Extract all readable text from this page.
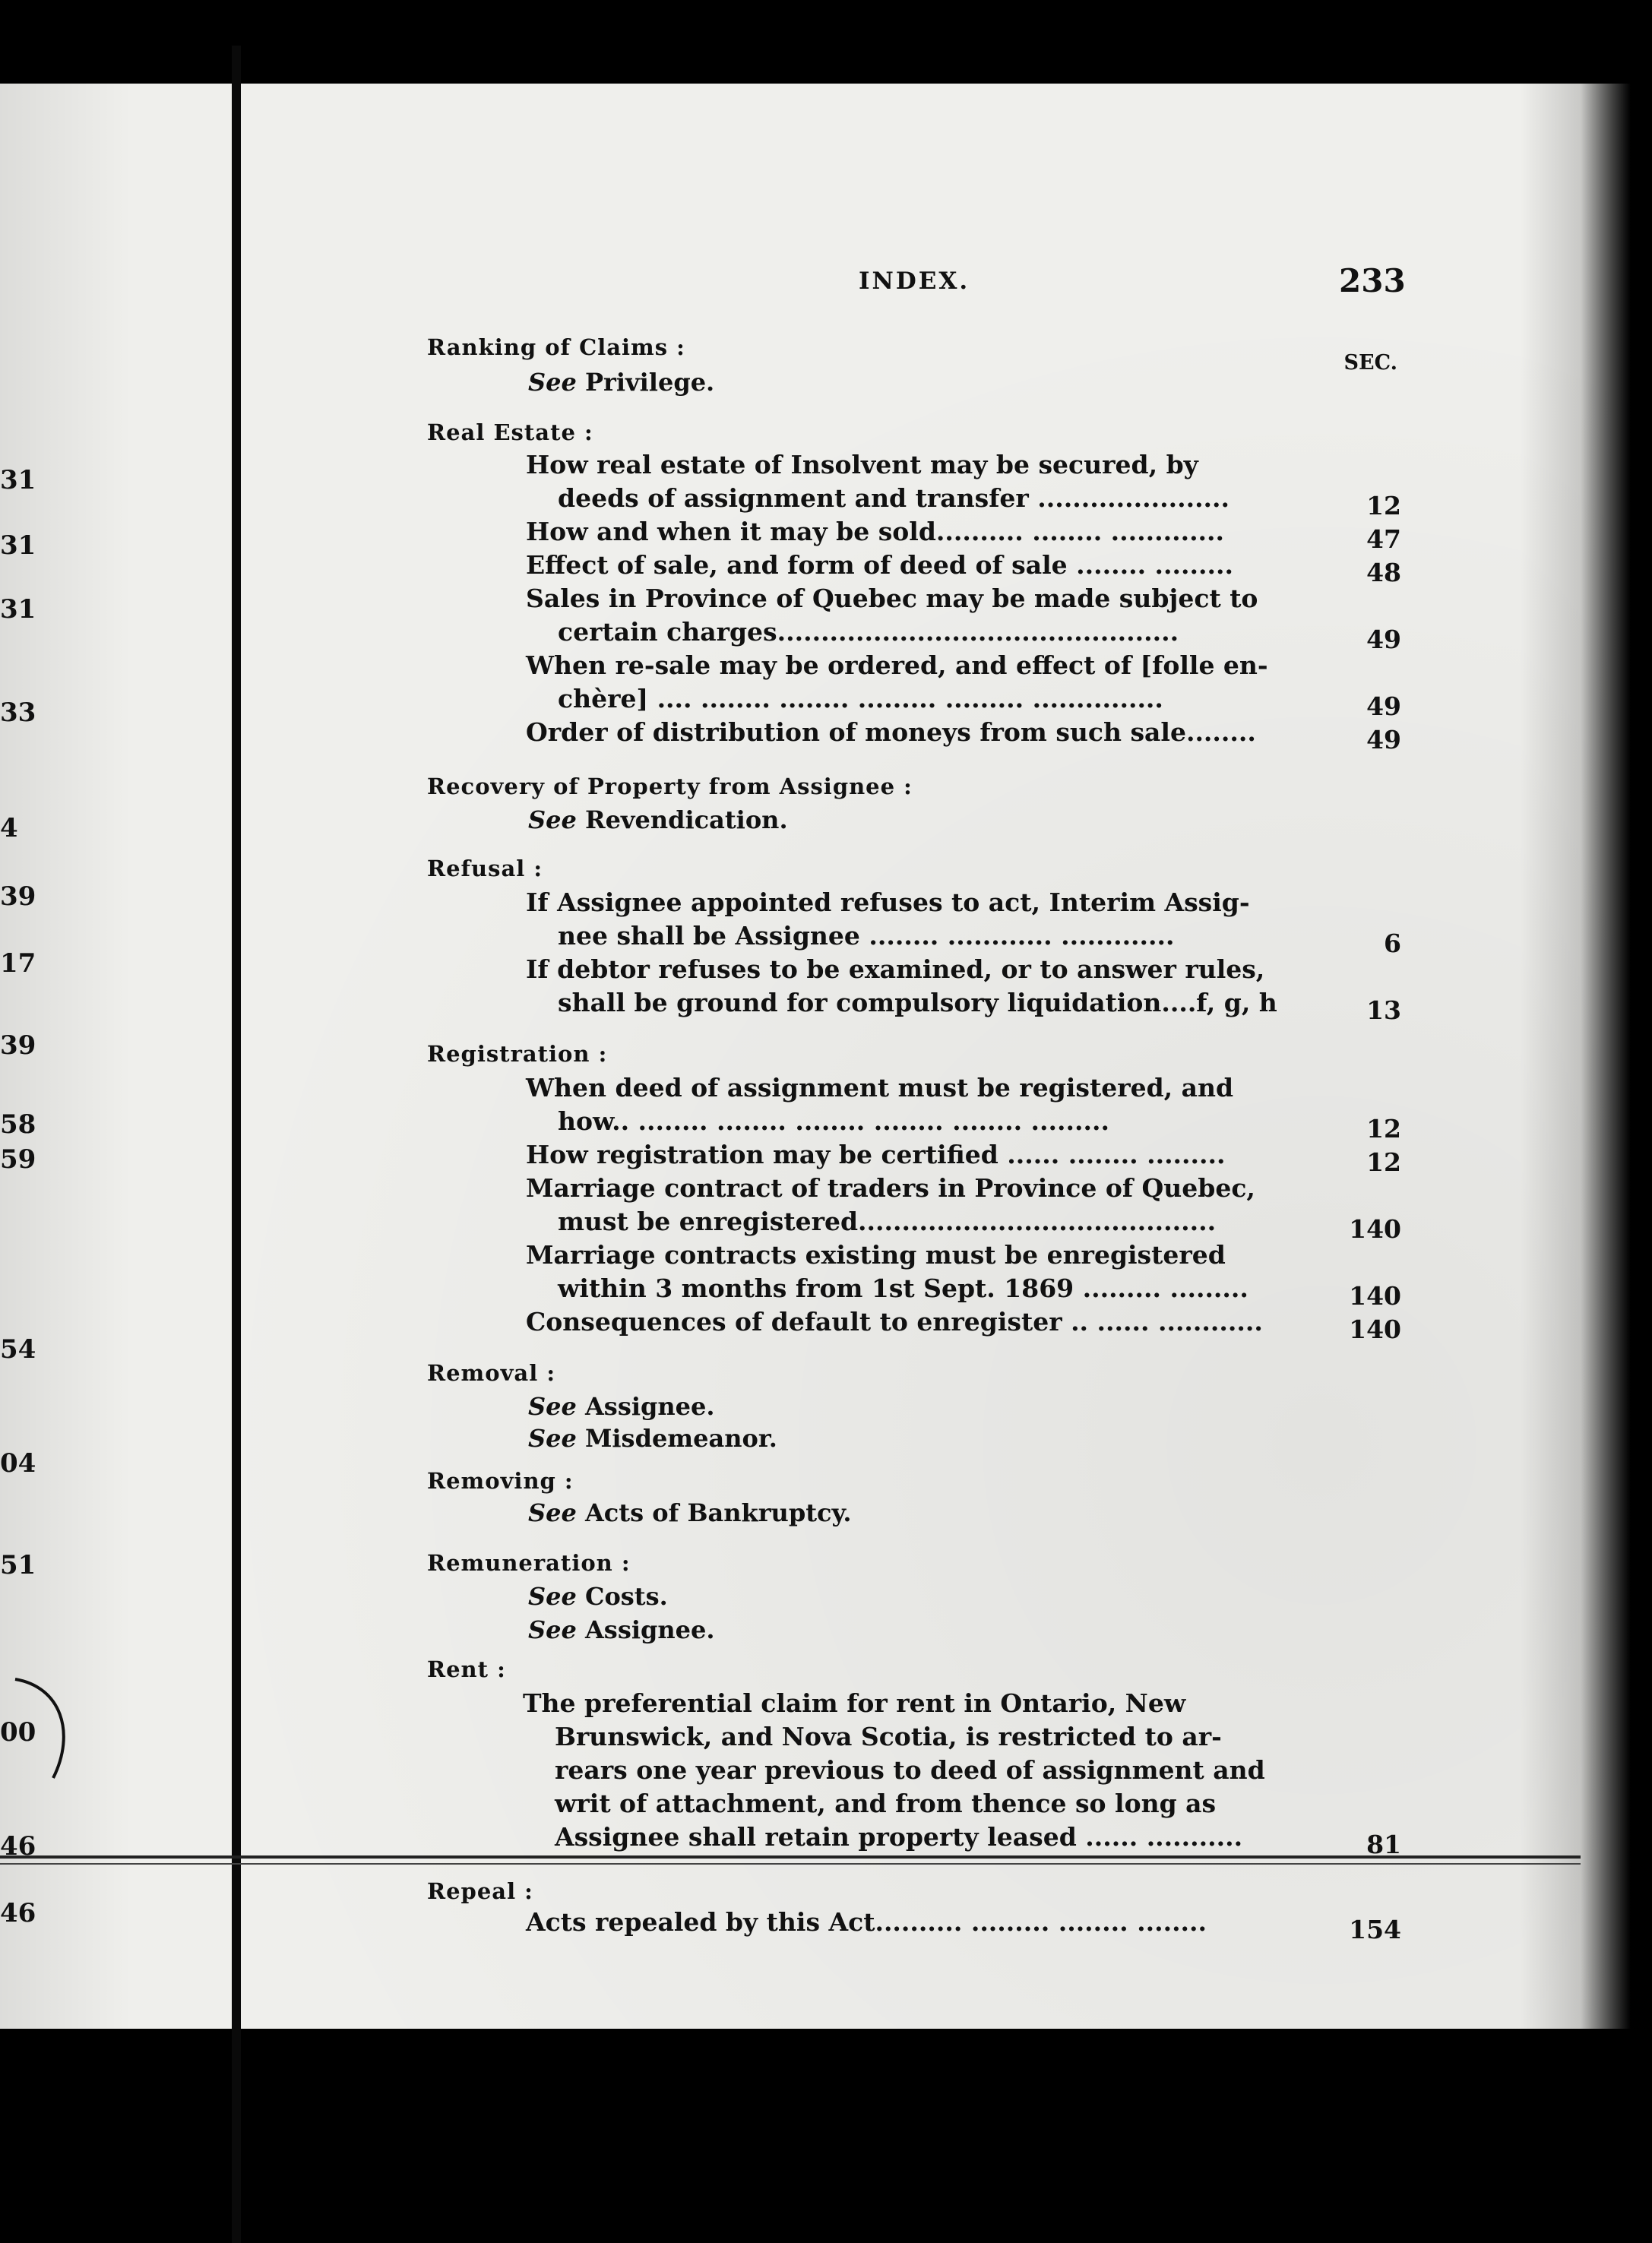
31
31
31
33
4
39
17
39
58
59
54
04
51
00
46
46
INDEX.	233
Ranking of Claims :
SEC.
See Privilege.
Real Estate :
How real estate of Insolvent may be secured, by
deeds of assignment and transfer ......................	12
How and when it may be sold.......... ........ .............	47
Effect of sale, and form of deed of sale ........ .........	48
Sales in Province of Quebec may be made subject to
certain charges..............................................	49
When re-sale may be ordered, and effect of [folle en-
chère] .... ........ ........ ......... ......... ...............	49
Order of distribution of moneys from such sale........	49
Recovery of Property from Assignee :
See Revendication.
Refusal :
If Assignee appointed refuses to act, Interim Assig-
nee shall be Assignee ........ ............ .............	6
If debtor refuses to be examined, or to answer rules,
shall be ground for compulsory liquidation....f, g, h	13
Registration :
When deed of assignment must be registered, and
how.. ........ ........ ........ ........ ........ .........	12
How registration may be certified ...... ........ .........	12
Marriage contract of traders in Province of Quebec,
must be enregistered.........................................	140
Marriage contracts existing must be enregistered
within 3 months from 1st Sept. 1869 ......... .........	140
Consequences of default to enregister .. ...... ............	140
Removal :
See Assignee.
See Misdemeanor.
Removing :
See Acts of Bankruptcy.
Remuneration :
See Costs.
See Assignee.
Rent :
The preferential claim for rent in Ontario, New
Brunswick, and Nova Scotia, is restricted to ar-
rears one year previous to deed of assignment and
writ of attachment, and from thence so long as
Assignee shall retain property leased ...... ...........	81
Repeal :
Acts repealed by this Act.......... ......... ........ ........	154
